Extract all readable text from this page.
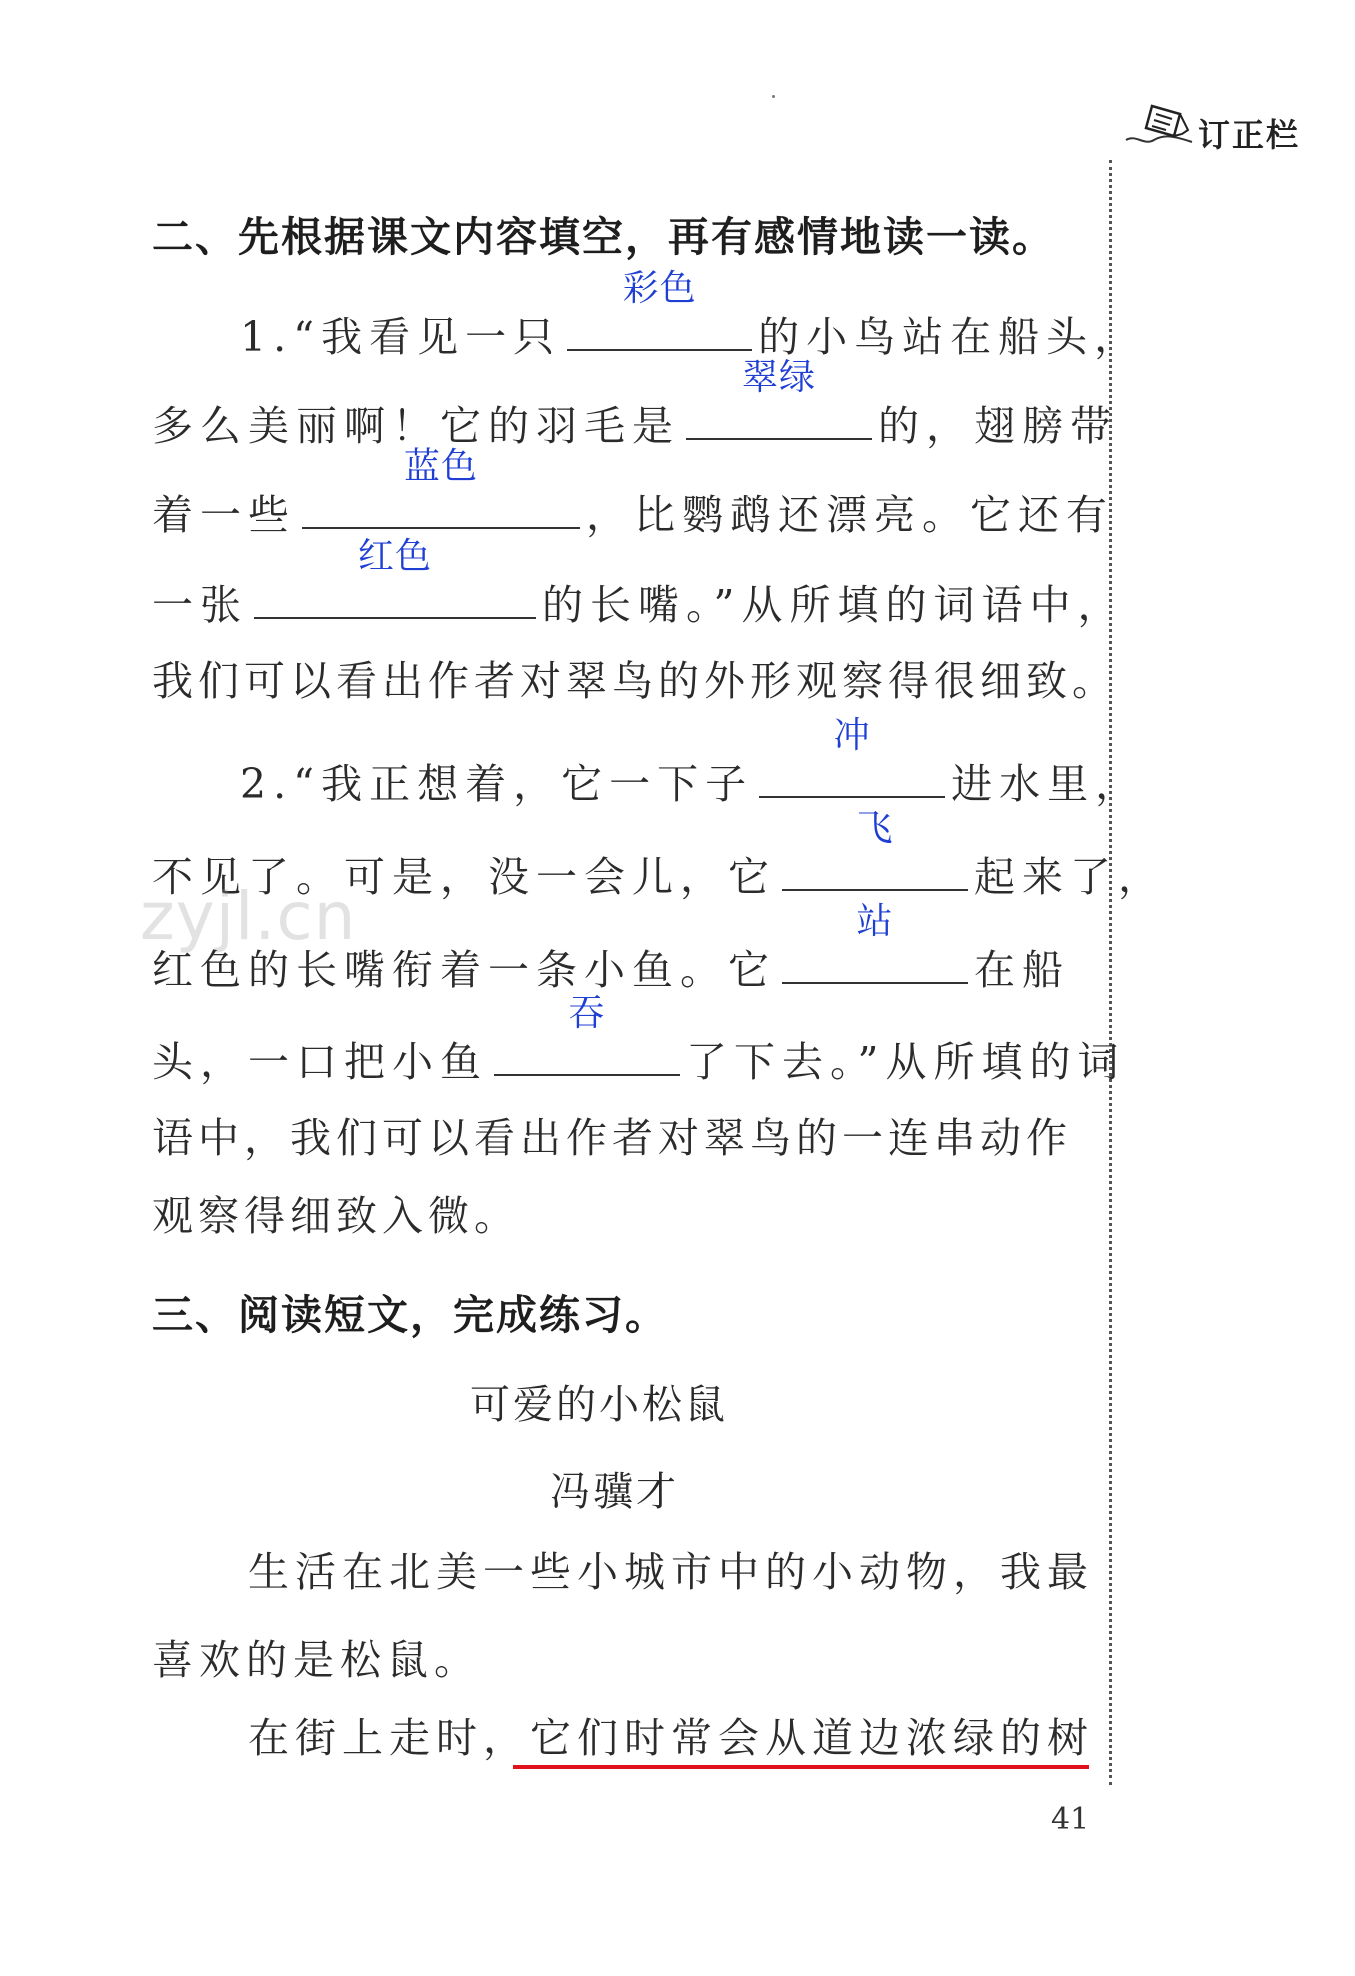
订正栏
二、先根据课文内容填空，再有感情地读一读。
1.“我看见一只
彩色
的小鸟站在船头，
多么美丽啊！它的羽毛是
翠绿
的，翅膀带
着一些
蓝色
，比鹦鹉还漂亮。它还有
一张
红色
的长嘴。”从所填的词语中，
我们可以看出作者对翠鸟的外形观察得很细致。
2.“我正想着，它一下子
冲
进水里，
不见了。可是，没一会儿，它
飞
起来了，
zyjl.cn
红色的长嘴衔着一条小鱼。它
站
在船
头，一口把小鱼
吞
了下去。”从所填的词
语中，我们可以看出作者对翠鸟的一连串动作
观察得细致入微。
三、阅读短文，完成练习。
可爱的小松鼠
冯骥才
生活在北美一些小城市中的小动物，我最
喜欢的是松鼠。
在街上走时，它们时常会从道边浓绿的树
41
